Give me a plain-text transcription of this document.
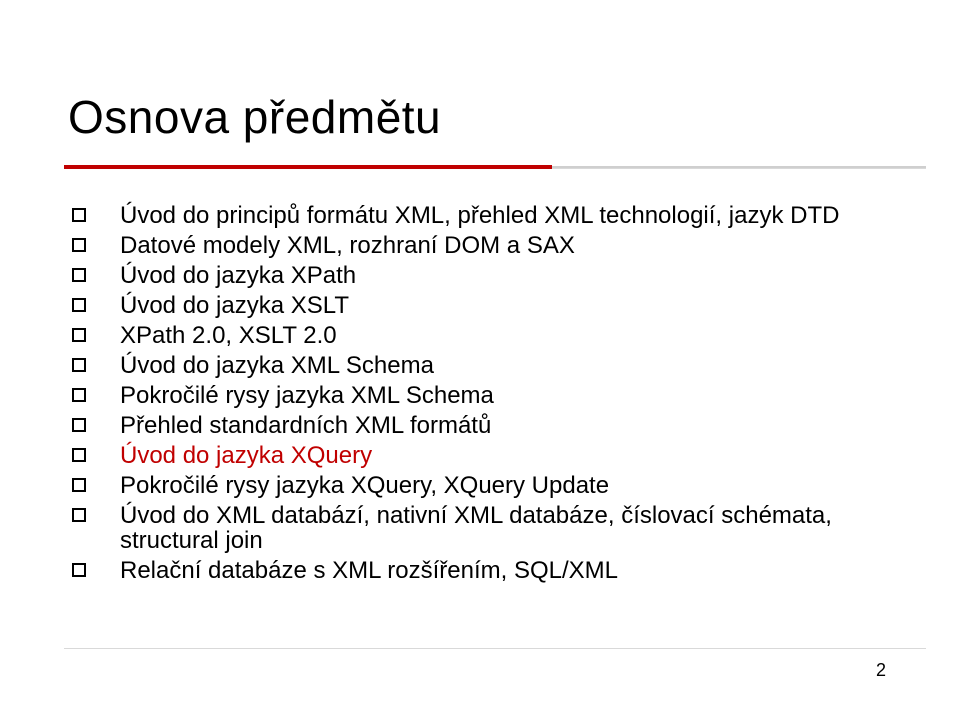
Osnova předmětu
Úvod do principů formátu XML, přehled XML technologií, jazyk DTD
Datové modely XML, rozhraní DOM a SAX
Úvod do jazyka XPath
Úvod do jazyka XSLT
XPath 2.0, XSLT 2.0
Úvod do jazyka XML Schema
Pokročilé rysy jazyka XML Schema
Přehled standardních XML formátů
Úvod do jazyka XQuery
Pokročilé rysy jazyka XQuery, XQuery Update
Úvod do XML databází, nativní XML databáze, číslovací schémata, structural join
Relační databáze s XML rozšířením, SQL/XML
2
